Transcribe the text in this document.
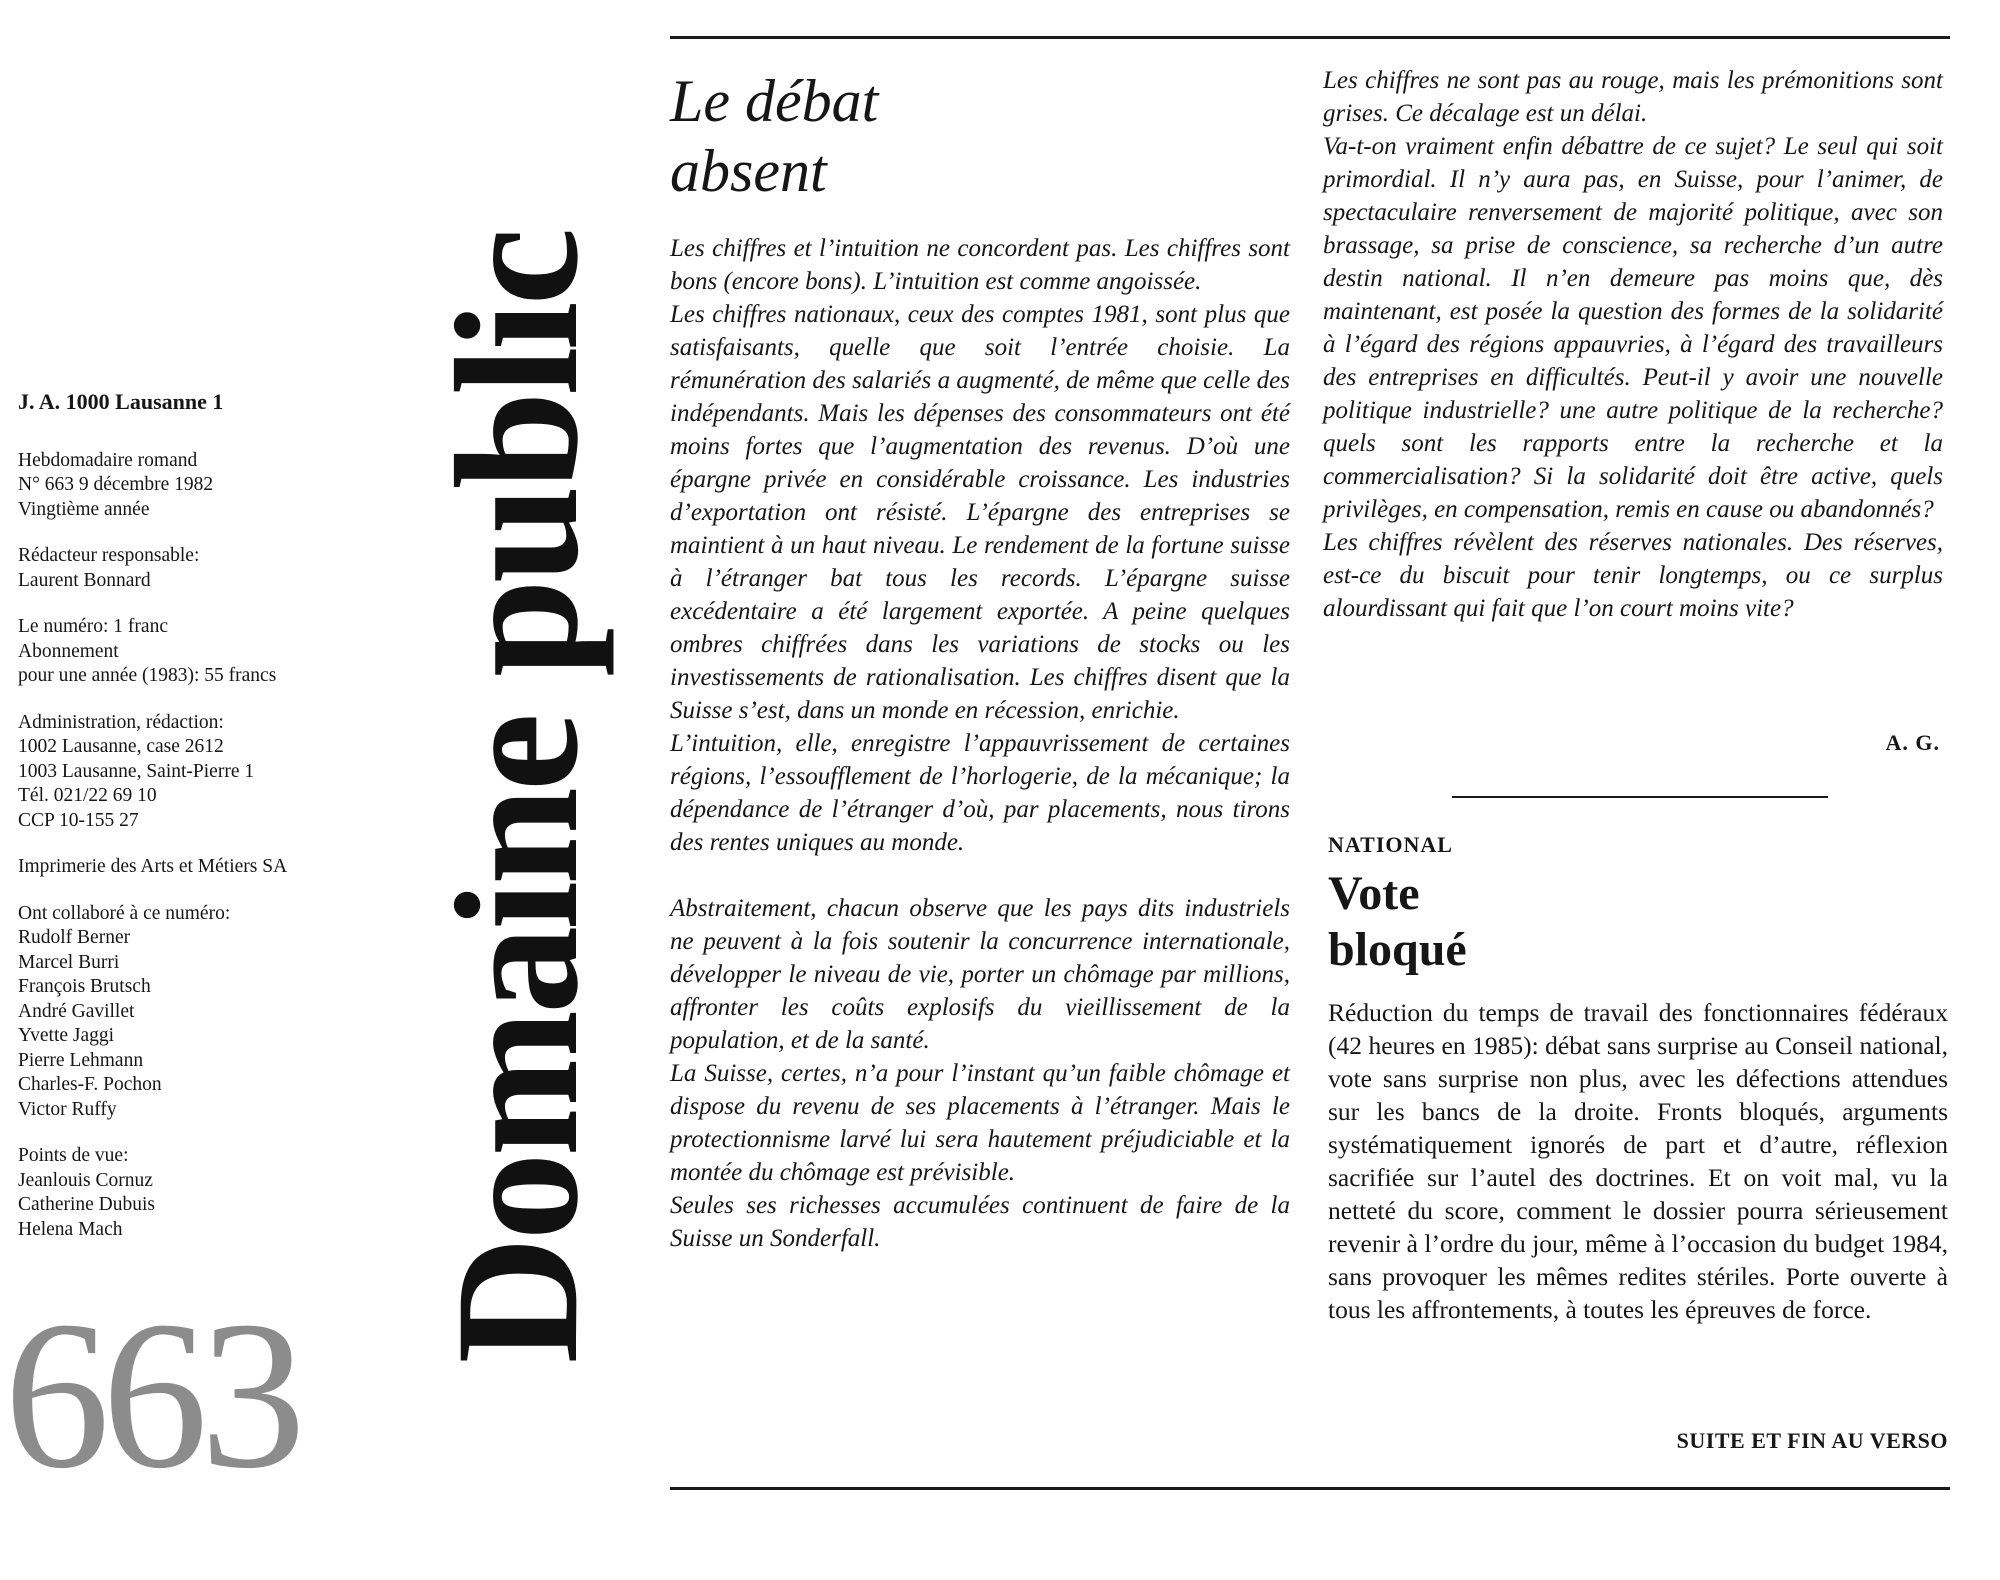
J. A. 1000 Lausanne 1

Hebdomadaire romand
N° 663 9 décembre 1982
Vingtième année

Rédacteur responsable:
Laurent Bonnard

Le numéro: 1 franc
Abonnement
pour une année (1983): 55 francs

Administration, rédaction:
1002 Lausanne, case 2612
1003 Lausanne, Saint-Pierre 1
Tél. 021/22 69 10
CCP 10-155 27

Imprimerie des Arts et Métiers SA

Ont collaboré à ce numéro:
Rudolf Berner
Marcel Burri
François Brutsch
André Gavillet
Yvette Jaggi
Pierre Lehmann
Charles-F. Pochon
Victor Ruffy

Points de vue:
Jeanlouis Cornuz
Catherine Dubuis
Helena Mach

663
Domaine public
Le débat
absent

Les chiffres et l’intuition ne concordent pas. Les chiffres sont bons (encore bons). L’intuition est comme angoissée.

Les chiffres nationaux, ceux des comptes 1981, sont plus que satisfaisants, quelle que soit l’entrée choisie. La rémunération des salariés a augmenté, de même que celle des indépendants. Mais les dépenses des consommateurs ont été moins fortes que l’augmentation des revenus. D’où une épargne privée en considérable croissance. Les industries d’exportation ont résisté. L’épargne des entreprises se maintient à un haut niveau. Le rendement de la fortune suisse à l’étranger bat tous les records. L’épargne suisse excédentaire a été largement exportée. A peine quelques ombres chiffrées dans les variations de stocks ou les investissements de rationalisation. Les chiffres disent que la Suisse s’est, dans un monde en récession, enrichie.

L’intuition, elle, enregistre l’appauvrissement de certaines régions, l’essoufflement de l’horlogerie, de la mécanique; la dépendance de l’étranger d’où, par placements, nous tirons des rentes uniques au monde.

Abstraitement, chacun observe que les pays dits industriels ne peuvent à la fois soutenir la concurrence internationale, développer le niveau de vie, porter un chômage par millions, affronter les coûts explosifs du vieillissement de la population, et de la santé.

La Suisse, certes, n’a pour l’instant qu’un faible chômage et dispose du revenu de ses placements à l’étranger. Mais le protectionnisme larvé lui sera hautement préjudiciable et la montée du chômage est prévisible.

Seules ses richesses accumulées continuent de faire de la Suisse un Sonderfall.

Les chiffres ne sont pas au rouge, mais les prémonitions sont grises. Ce décalage est un délai.

Va-t-on vraiment enfin débattre de ce sujet? Le seul qui soit primordial. Il n’y aura pas, en Suisse, pour l’animer, de spectaculaire renversement de majorité politique, avec son brassage, sa prise de conscience, sa recherche d’un autre destin national. Il n’en demeure pas moins que, dès maintenant, est posée la question des formes de la solidarité à l’égard des régions appauvries, à l’égard des travailleurs des entreprises en difficultés. Peut-il y avoir une nouvelle politique industrielle? une autre politique de la recherche? quels sont les rapports entre la recherche et la commercialisation? Si la solidarité doit être active, quels privilèges, en compensation, remis en cause ou abandonnés?

Les chiffres révèlent des réserves nationales. Des réserves, est-ce du biscuit pour tenir longtemps, ou ce surplus alourdissant qui fait que l’on court moins vite?

A. G.
NATIONAL
Vote
bloqué

Réduction du temps de travail des fonctionnaires fédéraux (42 heures en 1985): débat sans surprise au Conseil national, vote sans surprise non plus, avec les défections attendues sur les bancs de la droite. Fronts bloqués, arguments systématiquement ignorés de part et d’autre, réflexion sacrifiée sur l’autel des doctrines. Et on voit mal, vu la netteté du score, comment le dossier pourra sérieusement revenir à l’ordre du jour, même à l’occasion du budget 1984, sans provoquer les mêmes redites stériles. Porte ouverte à tous les affrontements, à toutes les épreuves de force.

SUITE ET FIN AU VERSO
